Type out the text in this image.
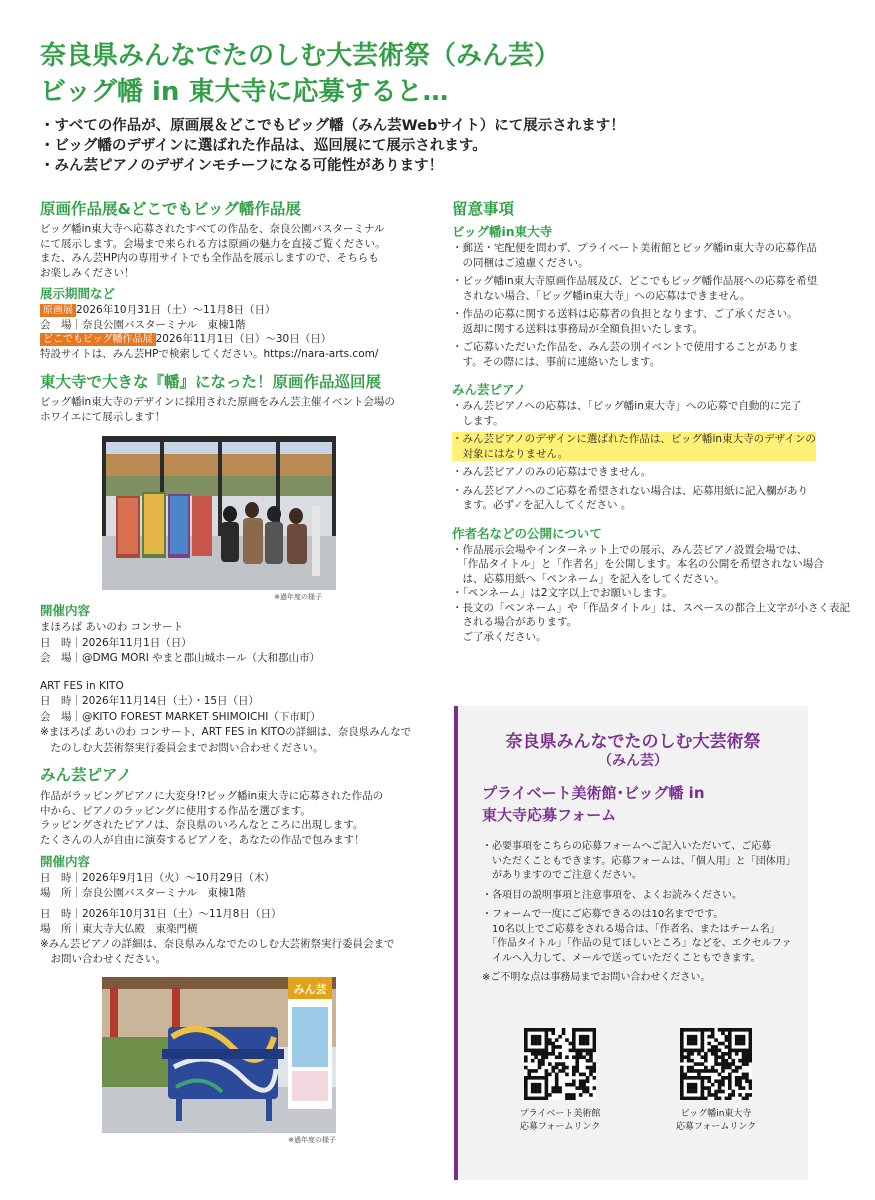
奈良県みんなでたのしむ大芸術祭（みん芸）
ビッグ幡 in 東大寺に応募すると…
・すべての作品が、原画展＆どこでもビッグ幡（みん芸Webサイト）にて展示されます！
・ビッグ幡のデザインに選ばれた作品は、巡回展にて展示されます。
・みん芸ピアノのデザインモチーフになる可能性があります！
原画作品展&どこでもビッグ幡作品展
ビッグ幡in東大寺へ応募されたすべての作品を、奈良公園バスターミナル
にて展示します。会場まで来られる方は原画の魅力を直接ご覧ください。
また、みん芸HP内の専用サイトでも全作品を展示しますので、そちらも
お楽しみください！
展示期間など
原画展 2026年10月31日（土）～11月8日（日）
会　場｜奈良公園バスターミナル　東棟1階
どこでもビッグ幡作品展 2026年11月1日（日）～30日（日）
特設サイトは、みん芸HPで検索してください。https://nara-arts.com/
東大寺で大きな『幡』になった！原画作品巡回展
ビッグ幡in東大寺のデザインに採用された原画をみん芸主催イベント会場の
ホワイエにて展示します！
※過年度の様子
開催内容
まほろば あいのわ コンサート
日　時｜2026年11月1日（日）
会　場｜@DMG MORI やまと郡山城ホール（大和郡山市）
ART FES in KITO
日　時｜2026年11月14日（土）・15日（日）
会　場｜@KITO FOREST MARKET SHIMOICHI（下市町）
※まほろば あいのわ コンサート、ART FES in KITOの詳細は、奈良県みんなで
　たのしむ大芸術祭実行委員会までお問い合わせください。
みん芸ピアノ
作品がラッピングピアノに大変身!?ビッグ幡in東大寺に応募された作品の
中から、ピアノのラッピングに使用する作品を選びます。
ラッピングされたピアノは、奈良県のいろんなところに出現します。
たくさんの人が自由に演奏するピアノを、あなたの作品で包みます！
開催内容
日　時｜2026年9月1日（火）～10月29日（木）
場　所｜奈良公園バスターミナル　東棟1階
日　時｜2026年10月31日（土）～11月8日（日）
場　所｜東大寺大仏殿　東楽門横
※みん芸ピアノの詳細は、奈良県みんなでたのしむ大芸術祭実行委員会まで
　お問い合わせください。
みん芸
※過年度の様子
留意事項
ビッグ幡in東大寺
・郵送・宅配便を問わず、プライベート美術館とビッグ幡in東大寺の応募作品
　の同梱はご遠慮ください。
・ビッグ幡in東大寺原画作品展及び、どこでもビッグ幡作品展への応募を希望
　されない場合、「ビッグ幡in東大寺」への応募はできません。
・作品の応募に関する送料は応募者の負担となります、ご了承ください。
　返却に関する送料は事務局が全額負担いたします。
・ご応募いただいた作品を、みん芸の別イベントで使用することがありま
　す。その際には、事前に連絡いたします。
みん芸ピアノ
・みん芸ピアノへの応募は、「ビッグ幡in東大寺」への応募で自動的に完了
　します。
・みん芸ピアノのデザインに選ばれた作品は、ビッグ幡in東大寺のデザインの
　対象にはなりません。
・みん芸ピアノのみの応募はできません。
・みん芸ピアノへのご応募を希望されない場合は、応募用紙に記入欄があり
　ます。必ず✓を記入してください 。
作者名などの公開について
・作品展示会場やインターネット上での展示、みん芸ピアノ設置会場では、
　「作品タイトル」と「作者名」を公開します。本名の公開を希望されない場合
　は、応募用紙へ「ペンネーム」を記入をしてください。
・「ペンネーム」は2文字以上でお願いします。
・長文の「ペンネーム」や「作品タイトル」は、スペースの都合上文字が小さく表記
　される場合があります。
　ご了承ください。
奈良県みんなでたのしむ大芸術祭
（みん芸）
プライベート美術館･ビッグ幡 in
東大寺応募フォーム
・必要事項をこちらの応募フォームへご記入いただいて、ご応募
　いただくこともできます。応募フォームは、「個人用」と「団体用」
　がありますのでご注意ください。
・各項目の説明事項と注意事項を、よくお読みください。
・フォームで一度にご応募できるのは10名までです。
　10名以上でご応募をされる場合は、「作者名、またはチーム名」
　「作品タイトル」「作品の見てほしいところ」などを、エクセルファ
　イルへ入力して、メールで送っていただくこともできます。
※ご不明な点は事務局までお問い合わせください。
プライベート美術館
応募フォームリンク
ビッグ幡in東大寺
応募フォームリンク
